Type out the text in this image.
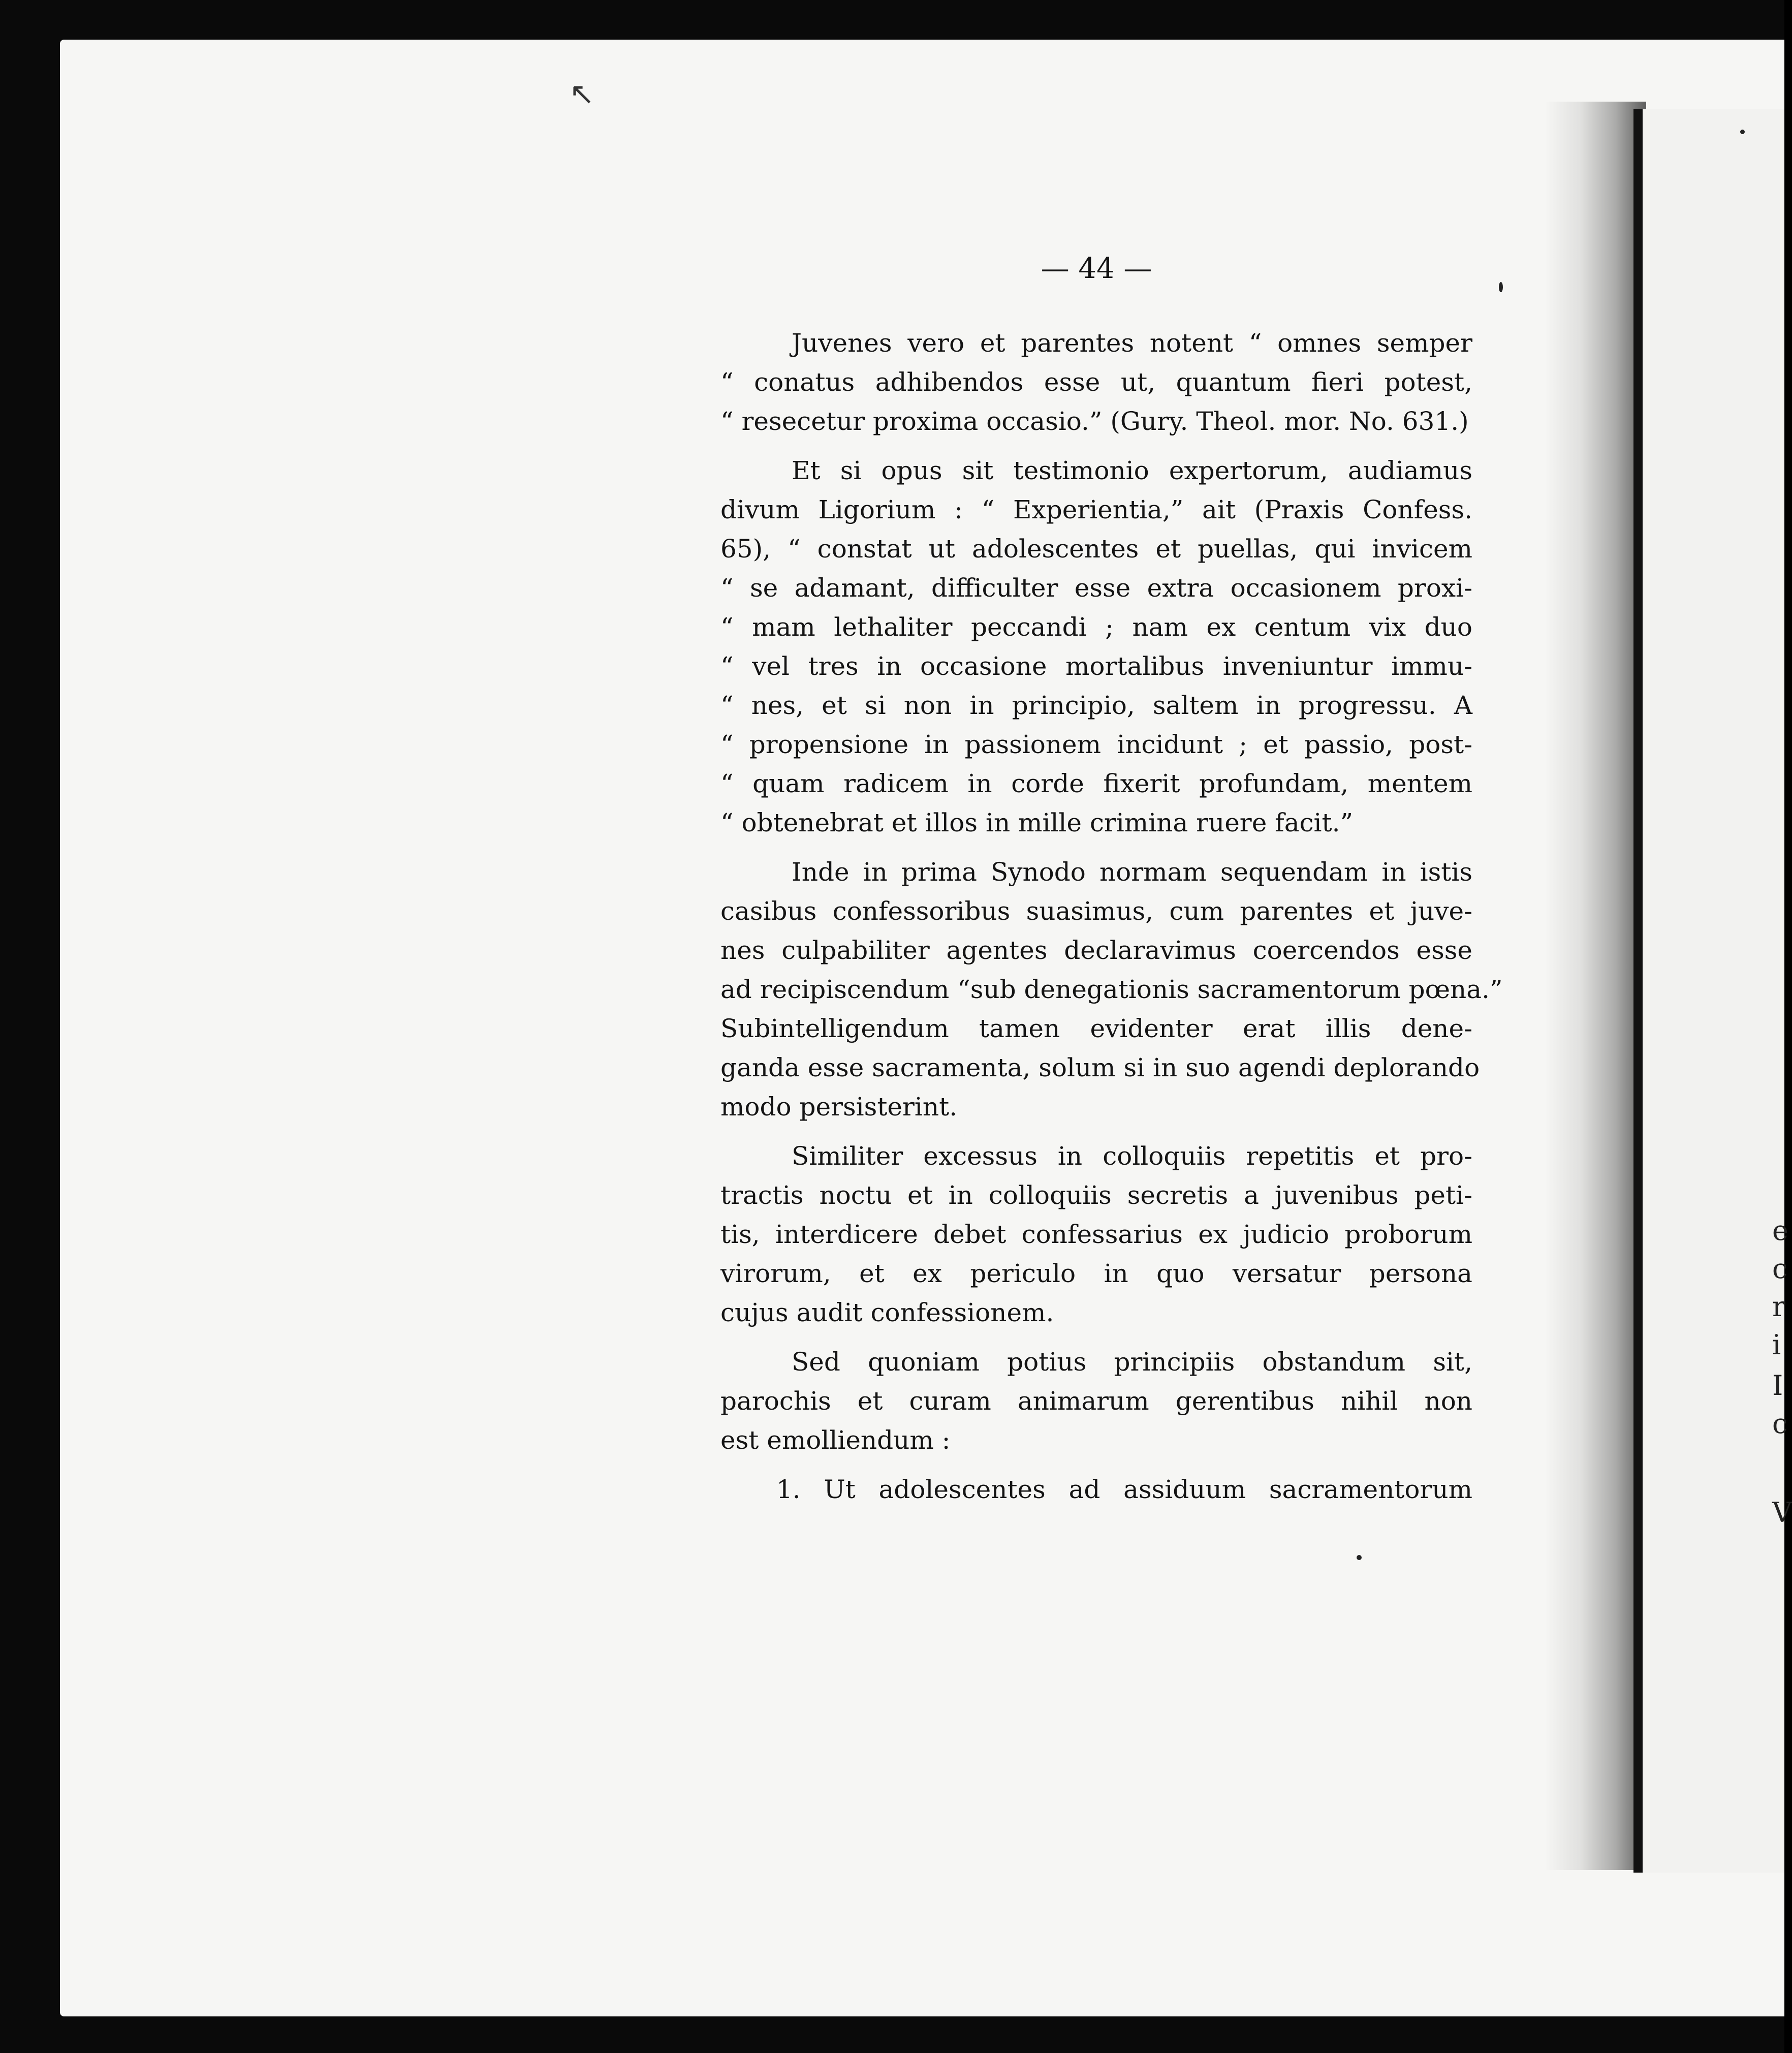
↖
e
c
r
i
I
c
V
— 44 —
Juvenes vero et parentes notent “ omnes semper
“ conatus adhibendos esse ut, quantum fieri potest,
“ resecetur proxima occasio.” (Gury. Theol. mor. No. 631.)
Et si opus sit testimonio expertorum, audiamus
divum Ligorium : “ Experientia,” ait (Praxis Confess.
65), “ constat ut adolescentes et puellas, qui invicem
“ se adamant, difficulter esse extra occasionem proxi-
“ mam lethaliter peccandi ; nam ex centum vix duo
“ vel tres in occasione mortalibus inveniuntur immu-
“ nes, et si non in principio, saltem in progressu. A
“ propensione in passionem incidunt ; et passio, post-
“ quam radicem in corde fixerit profundam, mentem
“ obtenebrat et illos in mille crimina ruere facit.”
Inde in prima Synodo normam sequendam in istis
casibus confessoribus suasimus, cum parentes et juve-
nes culpabiliter agentes declaravimus coercendos esse
ad recipiscendum “sub denegationis sacramentorum pœna.”
Subintelligendum tamen evidenter erat illis dene-
ganda esse sacramenta, solum si in suo agendi deplorando
modo persisterint.
Similiter excessus in colloquiis repetitis et pro-
tractis noctu et in colloquiis secretis a juvenibus peti-
tis, interdicere debet confessarius ex judicio proborum
virorum, et ex periculo in quo versatur persona
cujus audit confessionem.
Sed quoniam potius principiis obstandum sit,
parochis et curam animarum gerentibus nihil non
est emolliendum :
1. Ut adolescentes ad assiduum sacramentorum
